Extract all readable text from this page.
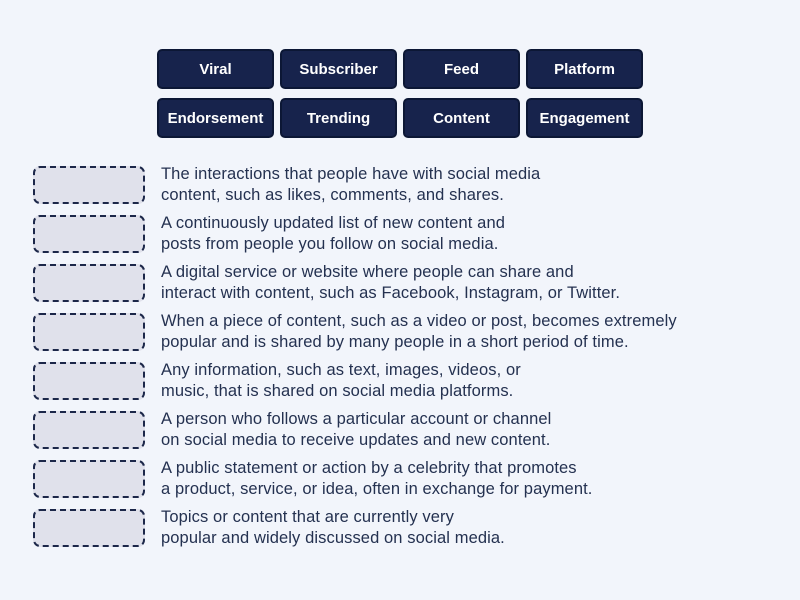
Viral	Subscriber	Feed	Platform
Endorsement	Trending	Content	Engagement
The interactions that people have with social media
content, such as likes, comments, and shares.
A continuously updated list of new content and
posts from people you follow on social media.
A digital service or website where people can share and
interact with content, such as Facebook, Instagram, or Twitter.
When a piece of content, such as a video or post, becomes extremely
popular and is shared by many people in a short period of time.
Any information, such as text, images, videos, or
music, that is shared on social media platforms.
A person who follows a particular account or channel
on social media to receive updates and new content.
A public statement or action by a celebrity that promotes
a product, service, or idea, often in exchange for payment.
Topics or content that are currently very
popular and widely discussed on social media.
